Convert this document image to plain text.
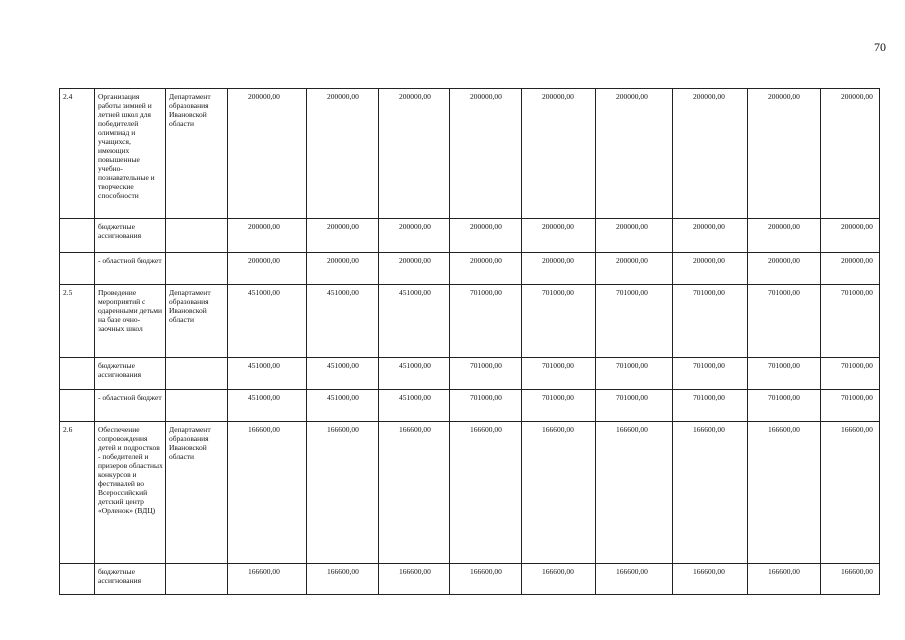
70
2.4	Организация работы зимней и летней школ для победителей олимпиад и учащихся, имеющих повышенные учебно-познавательные и творческие способности	Департамент образования Ивановской области	200000,00	200000,00	200000,00	200000,00	200000,00	200000,00	200000,00	200000,00	200000,00
	бюджетные ассигнования		200000,00	200000,00	200000,00	200000,00	200000,00	200000,00	200000,00	200000,00	200000,00
	- областной бюджет		200000,00	200000,00	200000,00	200000,00	200000,00	200000,00	200000,00	200000,00	200000,00
2.5	Проведение мероприятий с одаренными детьми на базе очно-заочных школ	Департамент образования Ивановской области	451000,00	451000,00	451000,00	701000,00	701000,00	701000,00	701000,00	701000,00	701000,00
	бюджетные ассигнования		451000,00	451000,00	451000,00	701000,00	701000,00	701000,00	701000,00	701000,00	701000,00
	- областной бюджет		451000,00	451000,00	451000,00	701000,00	701000,00	701000,00	701000,00	701000,00	701000,00
2.6	Обеспечение сопровождения детей и подростков - победителей и призеров областных конкурсов и фестивалей во Всероссийский детский центр «Орленок» (ВДЦ)	Департамент образования Ивановской области	166600,00	166600,00	166600,00	166600,00	166600,00	166600,00	166600,00	166600,00	166600,00
	бюджетные ассигнования		166600,00	166600,00	166600,00	166600,00	166600,00	166600,00	166600,00	166600,00	166600,00
